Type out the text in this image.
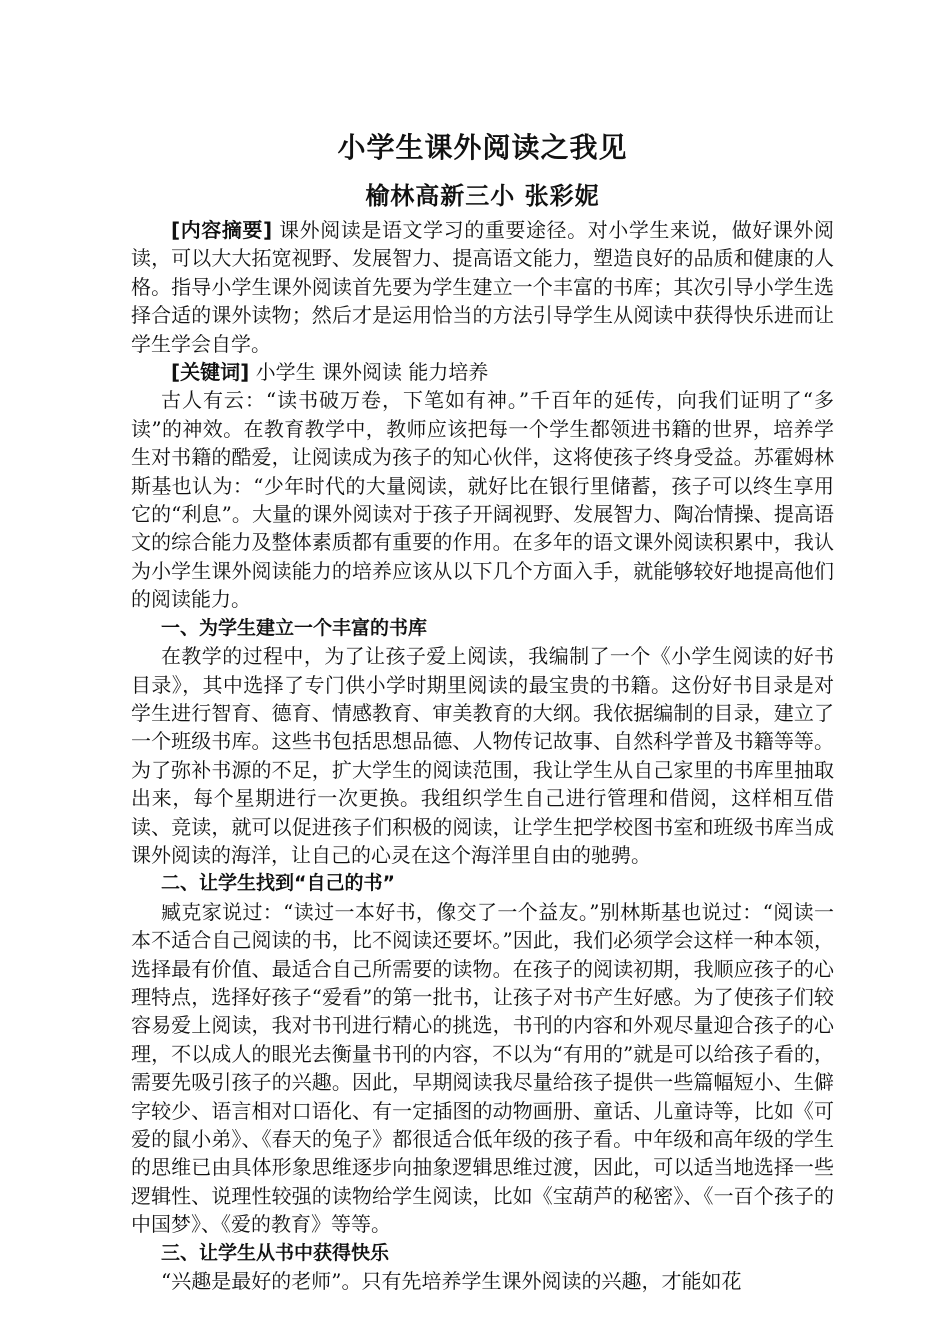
小学生课外阅读之我见
榆林高新三小 张彩妮

[内容摘要] 课外阅读是语文学习的重要途径。对小学生来说，做好课外阅读，可以大大拓宽视野、发展智力、提高语文能力，塑造良好的品质和健康的人格。指导小学生课外阅读首先要为学生建立一个丰富的书库；其次引导小学生选择合适的课外读物；然后才是运用恰当的方法引导学生从阅读中获得快乐进而让学生学会自学。

[关键词] 小学生 课外阅读 能力培养

古人有云：“读书破万卷，下笔如有神。”千百年的延传，向我们证明了“多读”的神效。在教育教学中，教师应该把每一个学生都领进书籍的世界，培养学生对书籍的酷爱，让阅读成为孩子的知心伙伴，这将使孩子终身受益。苏霍姆林斯基也认为：“少年时代的大量阅读，就好比在银行里储蓄，孩子可以终生享用它的“利息”。大量的课外阅读对于孩子开阔视野、发展智力、陶冶情操、提高语文的综合能力及整体素质都有重要的作用。在多年的语文课外阅读积累中，我认为小学生课外阅读能力的培养应该从以下几个方面入手，就能够较好地提高他们的阅读能力。

一、为学生建立一个丰富的书库

在教学的过程中，为了让孩子爱上阅读，我编制了一个《小学生阅读的好书目录》，其中选择了专门供小学时期里阅读的最宝贵的书籍。这份好书目录是对学生进行智育、德育、情感教育、审美教育的大纲。我依据编制的目录，建立了一个班级书库。这些书包括思想品德、人物传记故事、自然科学普及书籍等等。为了弥补书源的不足，扩大学生的阅读范围，我让学生从自己家里的书库里抽取出来，每个星期进行一次更换。我组织学生自己进行管理和借阅，这样相互借读、竞读，就可以促进孩子们积极的阅读，让学生把学校图书室和班级书库当成课外阅读的海洋，让自己的心灵在这个海洋里自由的驰骋。

二、让学生找到“自己的书”

臧克家说过：“读过一本好书，像交了一个益友。”别林斯基也说过：“阅读一本不适合自己阅读的书，比不阅读还要坏。”因此，我们必须学会这样一种本领，选择最有价值、最适合自己所需要的读物。在孩子的阅读初期，我顺应孩子的心理特点，选择好孩子“爱看”的第一批书，让孩子对书产生好感。为了使孩子们较容易爱上阅读，我对书刊进行精心的挑选，书刊的内容和外观尽量迎合孩子的心理，不以成人的眼光去衡量书刊的内容，不以为“有用的”就是可以给孩子看的，需要先吸引孩子的兴趣。因此，早期阅读我尽量给孩子提供一些篇幅短小、生僻字较少、语言相对口语化、有一定插图的动物画册、童话、儿童诗等，比如《可爱的鼠小弟》、《春天的兔子》都很适合低年级的孩子看。中年级和高年级的学生的思维已由具体形象思维逐步向抽象逻辑思维过渡，因此，可以适当地选择一些逻辑性、说理性较强的读物给学生阅读，比如《宝葫芦的秘密》、《一百个孩子的中国梦》、《爱的教育》等等。

三、让学生从书中获得快乐

“兴趣是最好的老师”。只有先培养学生课外阅读的兴趣，才能如花
